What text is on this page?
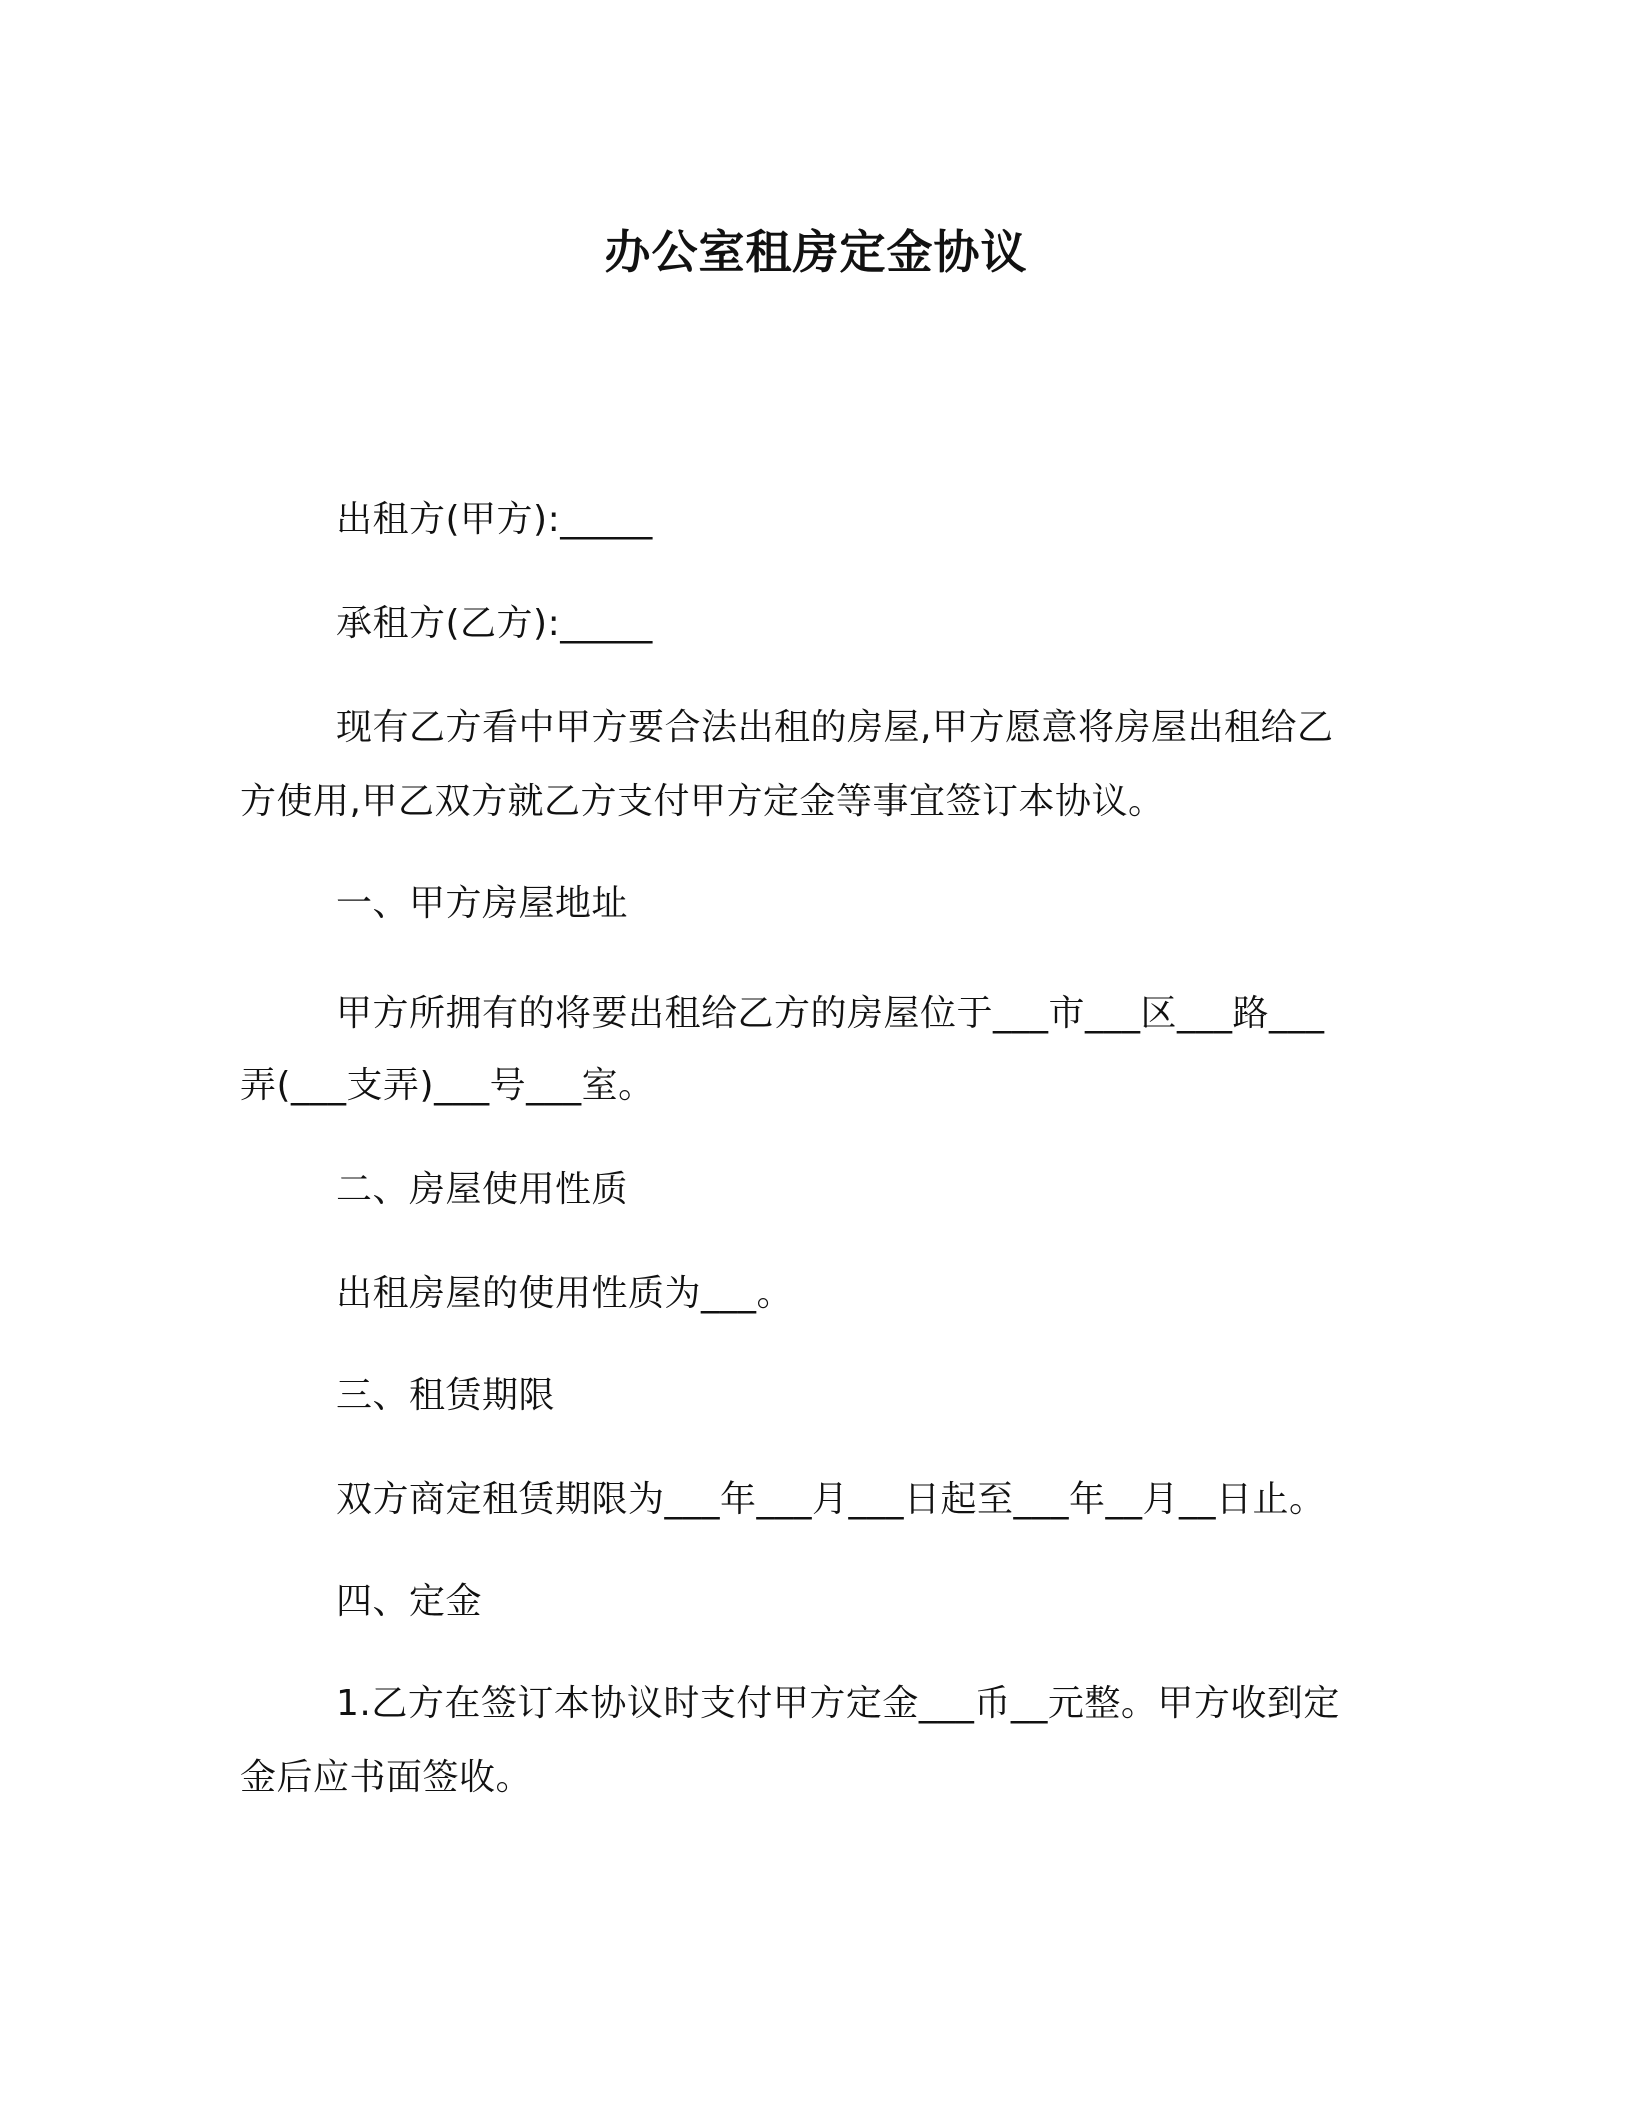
办公室租房定金协议
出租方(甲方):_____
承租方(乙方):_____
现有乙方看中甲方要合法出租的房屋,甲方愿意将房屋出租给乙
方使用,甲乙双方就乙方支付甲方定金等事宜签订本协议。
一、甲方房屋地址
甲方所拥有的将要出租给乙方的房屋位于___市___区___路___
弄(___支弄)___号___室。
二、房屋使用性质
出租房屋的使用性质为___。
三、租赁期限
双方商定租赁期限为___年___月___日起至___年__月__日止。
四、定金
1.乙方在签订本协议时支付甲方定金___币__元整。甲方收到定
金后应书面签收。
